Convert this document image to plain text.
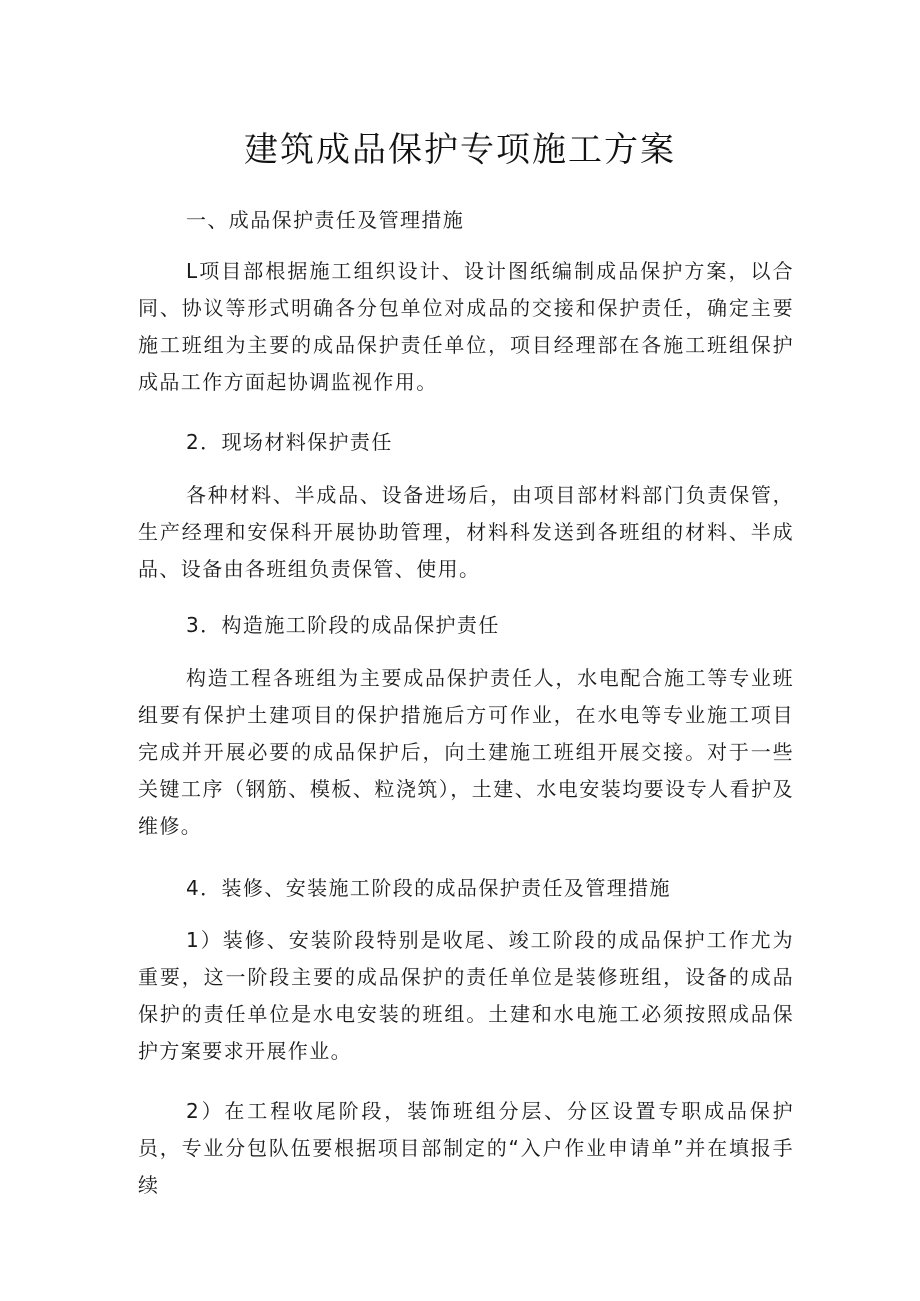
建筑成品保护专项施工方案
一、成品保护责任及管理措施
L项目部根据施工组织设计、设计图纸编制成品保护方案，以合同、协议等形式明确各分包单位对成品的交接和保护责任，确定主要施工班组为主要的成品保护责任单位，项目经理部在各施工班组保护成品工作方面起协调监视作用。
2．现场材料保护责任
各种材料、半成品、设备进场后，由项目部材料部门负责保管，生产经理和安保科开展协助管理，材料科发送到各班组的材料、半成品、设备由各班组负责保管、使用。
3．构造施工阶段的成品保护责任
构造工程各班组为主要成品保护责任人，水电配合施工等专业班组要有保护土建项目的保护措施后方可作业，在水电等专业施工项目完成并开展必要的成品保护后，向土建施工班组开展交接。对于一些关键工序（钢筋、模板、粒浇筑），土建、水电安装均要设专人看护及维修。
4．装修、安装施工阶段的成品保护责任及管理措施
1）装修、安装阶段特别是收尾、竣工阶段的成品保护工作尤为重要，这一阶段主要的成品保护的责任单位是装修班组，设备的成品保护的责任单位是水电安装的班组。土建和水电施工必须按照成品保护方案要求开展作业。
2）在工程收尾阶段，装饰班组分层、分区设置专职成品保护员，专业分包队伍要根据项目部制定的“入户作业申请单”并在填报手续
